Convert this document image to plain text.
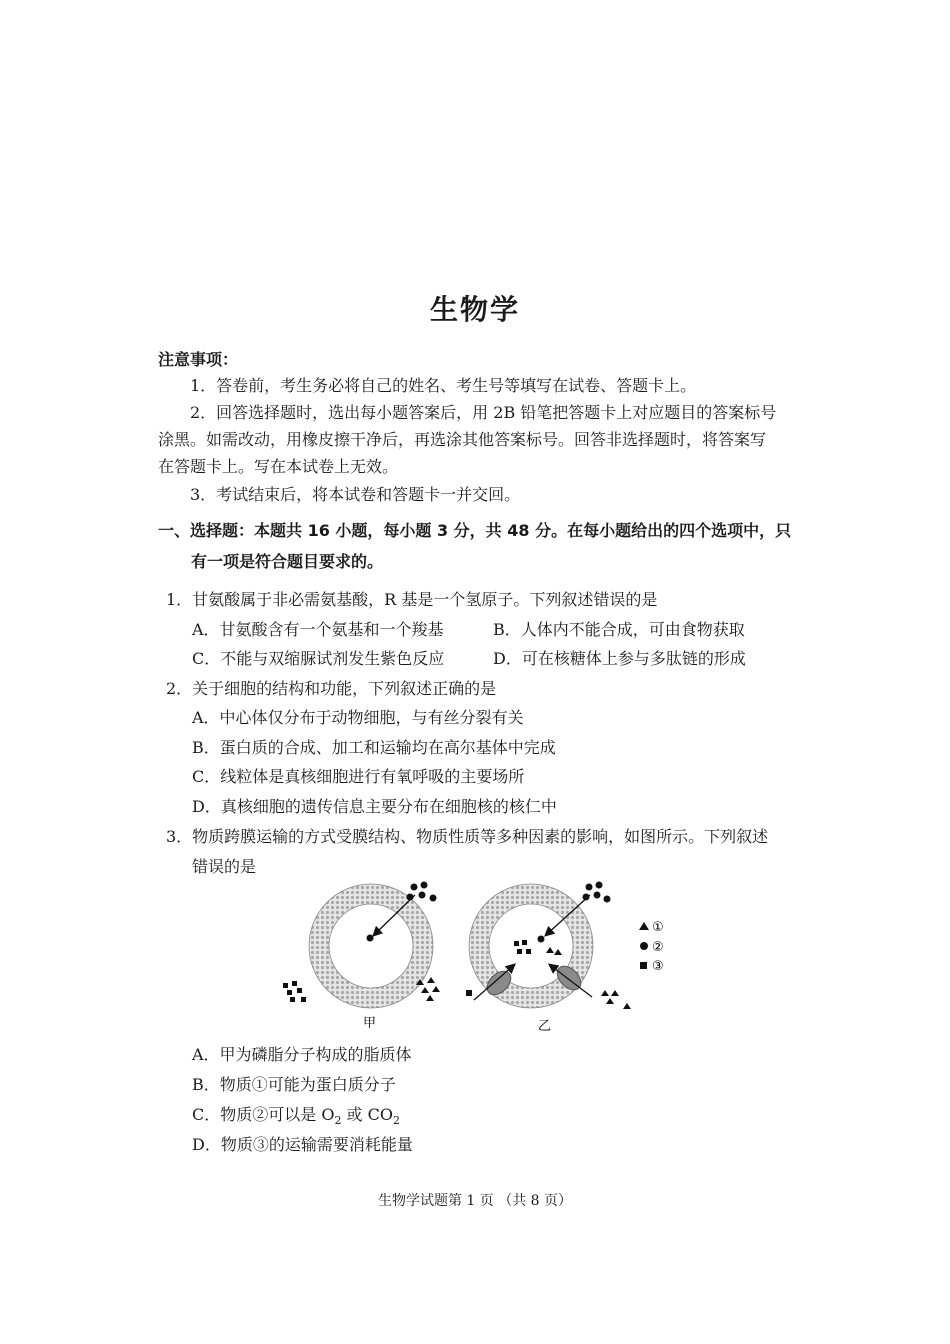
生物学
注意事项：
1．答卷前，考生务必将自己的姓名、考生号等填写在试卷、答题卡上。
2．回答选择题时，选出每小题答案后，用 2B 铅笔把答题卡上对应题目的答案标号
涂黑。如需改动，用橡皮擦干净后，再选涂其他答案标号。回答非选择题时，将答案写
在答题卡上。写在本试卷上无效。
3．考试结束后，将本试卷和答题卡一并交回。
一、选择题：本题共 16 小题，每小题 3 分，共 48 分。在每小题给出的四个选项中，只
有一项是符合题目要求的。
1．甘氨酸属于非必需氨基酸，R 基是一个氢原子。下列叙述错误的是
A．甘氨酸含有一个氨基和一个羧基	B．人体内不能合成，可由食物获取
C．不能与双缩脲试剂发生紫色反应	D．可在核糖体上参与多肽链的形成
2．关于细胞的结构和功能，下列叙述正确的是
A．中心体仅分布于动物细胞，与有丝分裂有关
B．蛋白质的合成、加工和运输均在高尔基体中完成
C．线粒体是真核细胞进行有氧呼吸的主要场所
D．真核细胞的遗传信息主要分布在细胞核的核仁中
3．物质跨膜运输的方式受膜结构、物质性质等多种因素的影响，如图所示。下列叙述
错误的是
甲	乙
①
②
③
A．甲为磷脂分子构成的脂质体
B．物质①可能为蛋白质分子
C．物质②可以是 $O_2$ 或 $CO_2$
D．物质③的运输需要消耗能量
生物学试题第 1 页 （共 8 页）
